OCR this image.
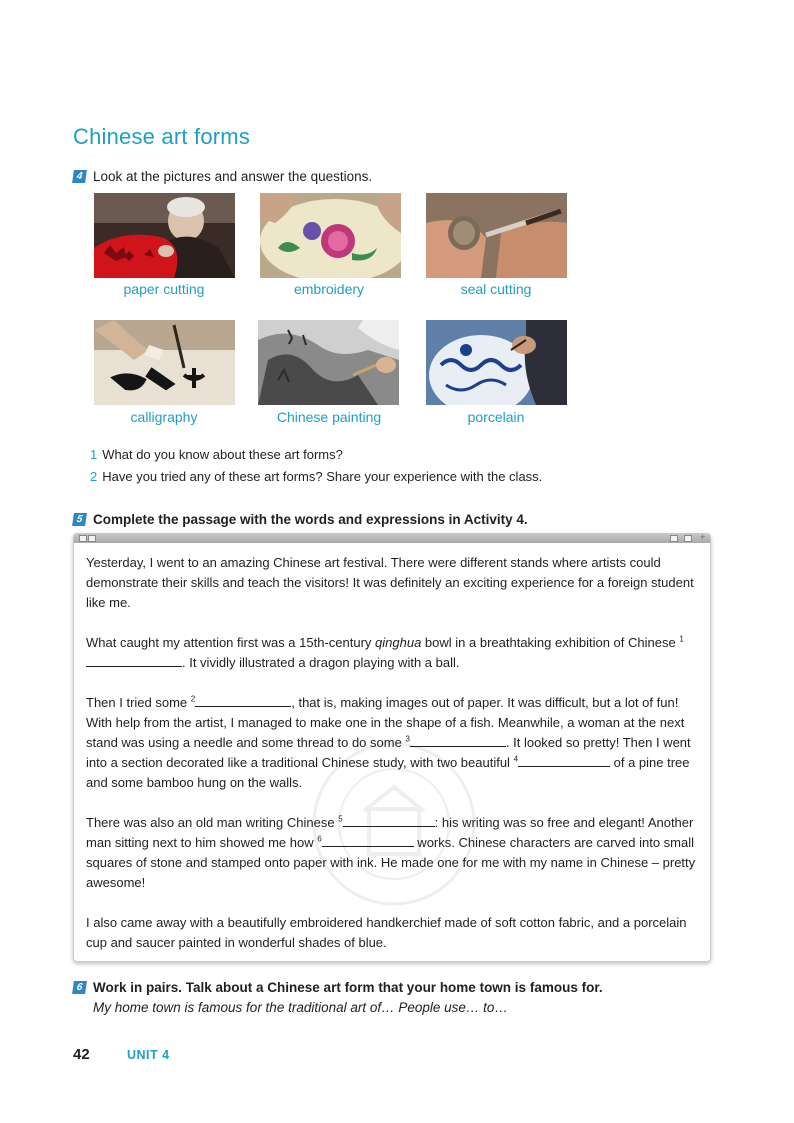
Chinese art forms
4 Look at the pictures and answer the questions.
paper cutting	embroidery	seal cutting
calligraphy	Chinese painting	porcelain
1 What do you know about these art forms?
2 Have you tried any of these art forms? Share your experience with the class.
5 Complete the passage with the words and expressions in Activity 4.
+

Yesterday, I went to an amazing Chinese art festival. There were different stands where artists could demonstrate their skills and teach the visitors! It was definitely an exciting experience for a foreign student like me.

What caught my attention first was a 15th-century qinghua bowl in a breathtaking exhibition of Chinese $^1$. It vividly illustrated a dragon playing with a ball.

Then I tried some $^2$	, that is, making images out of paper. It was difficult, but a lot of fun! With help from the artist, I managed to make one in the shape of a fish. Meanwhile, a woman at the next stand was using a needle and some thread to do some $^3$	. It looked so pretty! Then I went into a section decorated like a traditional Chinese study, with two beautiful $^4$	of a pine tree and some bamboo hung on the walls.

There was also an old man writing Chinese $^5$	: his writing was so free and elegant! Another man sitting next to him showed me how $^6$	works. Chinese characters are carved into small squares of stone and stamped onto paper with ink. He made one for me with my name in Chinese – pretty awesome!

I also came away with a beautifully embroidered handkerchief made of soft cotton fabric, and a porcelain cup and saucer painted in wonderful shades of blue.

6 Work in pairs. Talk about a Chinese art form that your home town is famous for.
My home town is famous for the traditional art of… People use… to…
42	UNIT 4
